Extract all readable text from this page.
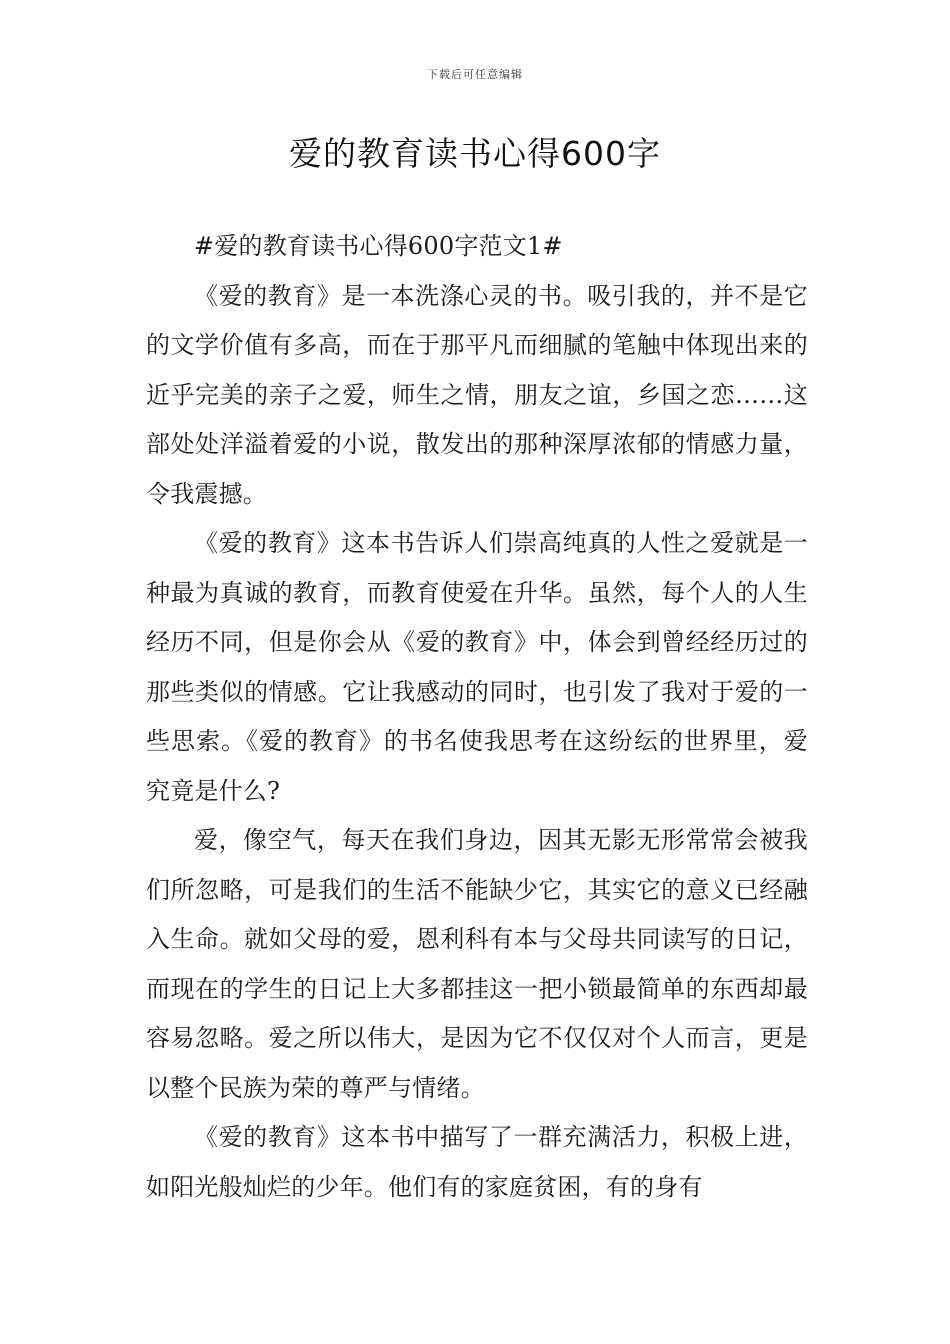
下载后可任意编辑
爱的教育读书心得600字

#爱的教育读书心得600字范文1#

《爱的教育》是一本洗涤心灵的书。吸引我的，并不是它的文学价值有多高，而在于那平凡而细腻的笔触中体现出来的近乎完美的亲子之爱，师生之情，朋友之谊，乡国之恋……这部处处洋溢着爱的小说，散发出的那种深厚浓郁的情感力量，令我震撼。

《爱的教育》这本书告诉人们崇高纯真的人性之爱就是一种最为真诚的教育，而教育使爱在升华。虽然，每个人的人生经历不同，但是你会从《爱的教育》中，体会到曾经经历过的那些类似的情感。它让我感动的同时，也引发了我对于爱的一些思索。《爱的教育》的书名使我思考在这纷纭的世界里，爱究竟是什么?

爱，像空气，每天在我们身边，因其无影无形常常会被我们所忽略，可是我们的生活不能缺少它，其实它的意义已经融入生命。就如父母的爱，恩利科有本与父母共同读写的日记，而现在的学生的日记上大多都挂这一把小锁最简单的东西却最容易忽略。爱之所以伟大，是因为它不仅仅对个人而言，更是以整个民族为荣的尊严与情绪。

《爱的教育》这本书中描写了一群充满活力，积极上进，如阳光般灿烂的少年。他们有的家庭贫困，有的身有
